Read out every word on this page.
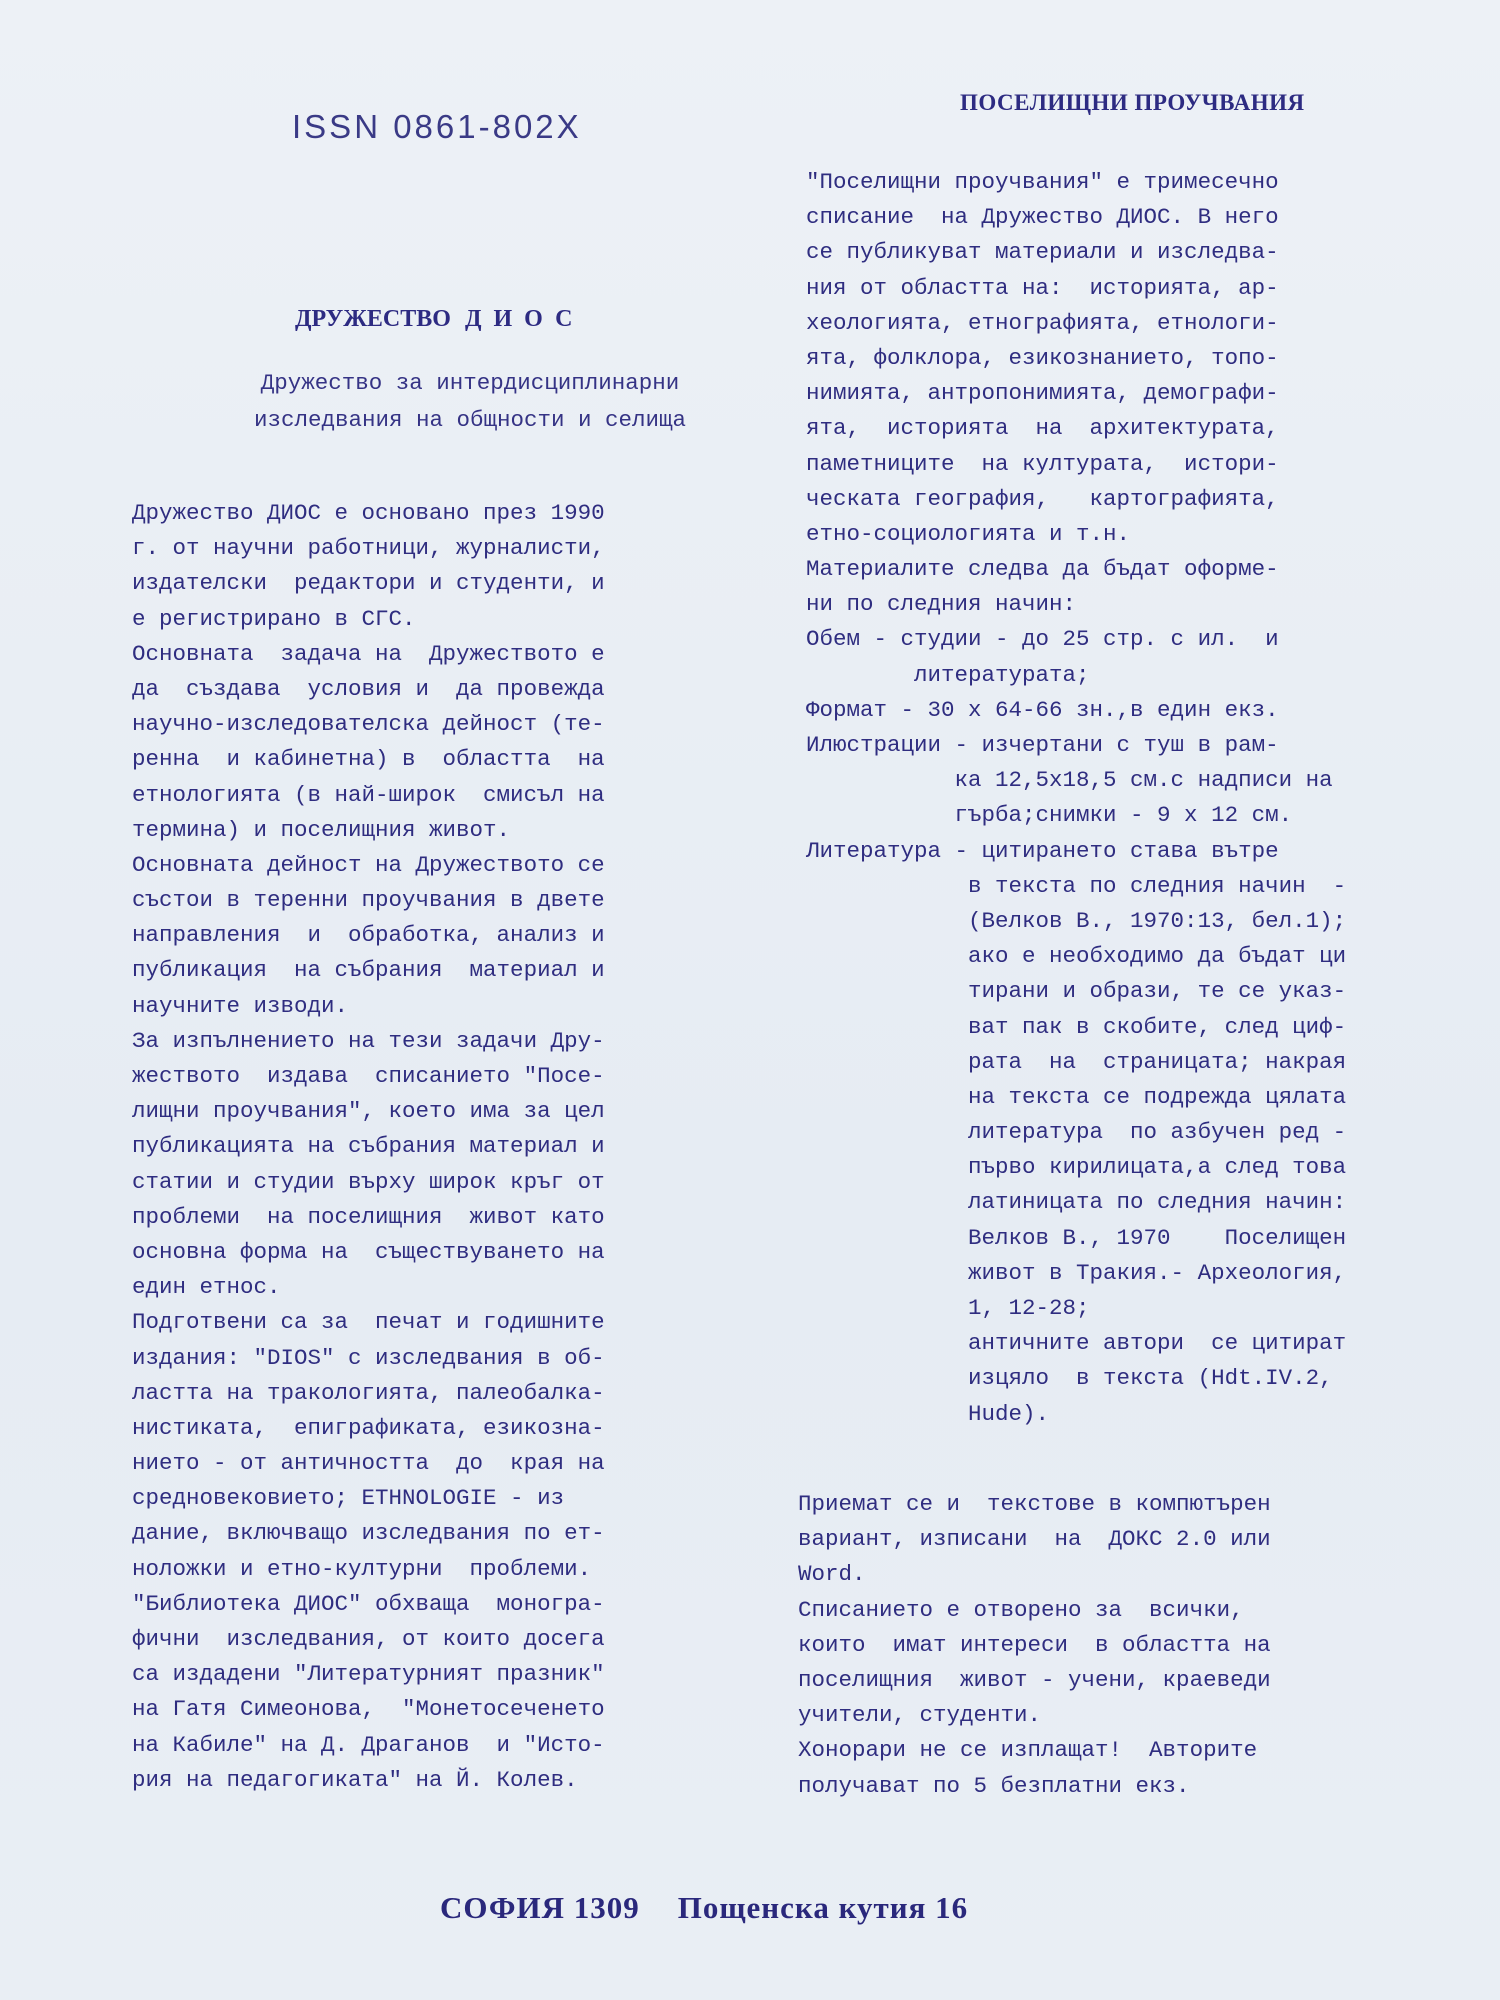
ISSN 0861-802X
ПОСЕЛИЩНИ ПРОУЧВАНИЯ
ДРУЖЕСТВО ДИОС
Дружество за интердисциплинарни
изследвания на общности и селища
Дружество ДИОС е основано през 1990
г. от научни работници, журналисти,
издателски  редактори и студенти, и
е регистрирано в СГС.
Основната  задача на  Дружеството е
да  създава  условия и  да провежда
научно-изследователска дейност (те-
ренна  и кабинетна) в  областта  на
етнологията (в най-широк  смисъл на
термина) и поселищния живот.
Основната дейност на Дружеството се
състои в теренни проучвания в двете
направления  и  обработка, анализ и
публикация  на събрания  материал и
научните изводи.
За изпълнението на тези задачи Дру-
жеството  издава  списанието "Посе-
лищни проучвания", което има за цел
публикацията на събрания материал и
статии и студии върху широк кръг от
проблеми  на поселищния  живот като
основна форма на  съществуването на
един етнос.
Подготвени са за  печат и годишните
издания: "DIOS" с изследвания в об-
ластта на тракологията, палеобалка-
нистиката,  епиграфиката, езикозна-
нието - от античността  до  края на
средновековието; ETHNOLOGIE - из
дание, включващо изследвания по ет-
ноложки и етно-културни  проблеми.
"Библиотека ДИОС" обхваща  моногра-
фични  изследвания, от които досега
са издадени "Литературният празник"
на Гатя Симеонова,  "Монетосеченето
на Кабиле" на Д. Драганов  и "Исто-
рия на педагогиката" на Й. Колев.
"Поселищни проучвания" е тримесечно
списание  на Дружество ДИОС. В него
се публикуват материали и изследва-
ния от областта на:  историята, ар-
хеологията, етнографията, етнологи-
ята, фолклора, езикознанието, топо-
нимията, антропонимията, демографи-
ята,  историята  на  архитектурата,
паметниците  на културата,  истори-
ческата география,   картографията,
етно-социологията и т.н.
Материалите следва да бъдат оформе-
ни по следния начин:
Обем - студии - до 25 стр. с ил.  и
литературата;
Формат - 30 х 64-66 зн.,в един екз.
Илюстрации - изчертани с туш в рам-
ка 12,5х18,5 см.с надписи на
гърба;снимки - 9 х 12 см.
Литература - цитирането става вътре
в текста по следния начин  -
(Велков В., 1970:13, бел.1);
ако е необходимо да бъдат ци
тирани и образи, те се указ-
ват пак в скобите, след циф-
рата  на  страницата; накрая
на текста се подрежда цялата
литература  по азбучен ред -
първо кирилицата,а след това
латиницата по следния начин:
Велков В., 1970    Поселищен
живот в Тракия.- Археология,
1, 12-28;
античните автори  се цитират
изцяло  в текста (Hdt.IV.2,
Hude).
Приемат се и  текстове в компютърен
вариант, изписани  на  ДОКС 2.0 или
Word.
Списанието е отворено за  всички,
които  имат интереси  в областта на
поселищния  живот - учени, краеведи
учители, студенти.
Хонорари не се изплащат!  Авторите
получават по 5 безплатни екз.
СОФИЯ 1309 Пощенска кутия 16
